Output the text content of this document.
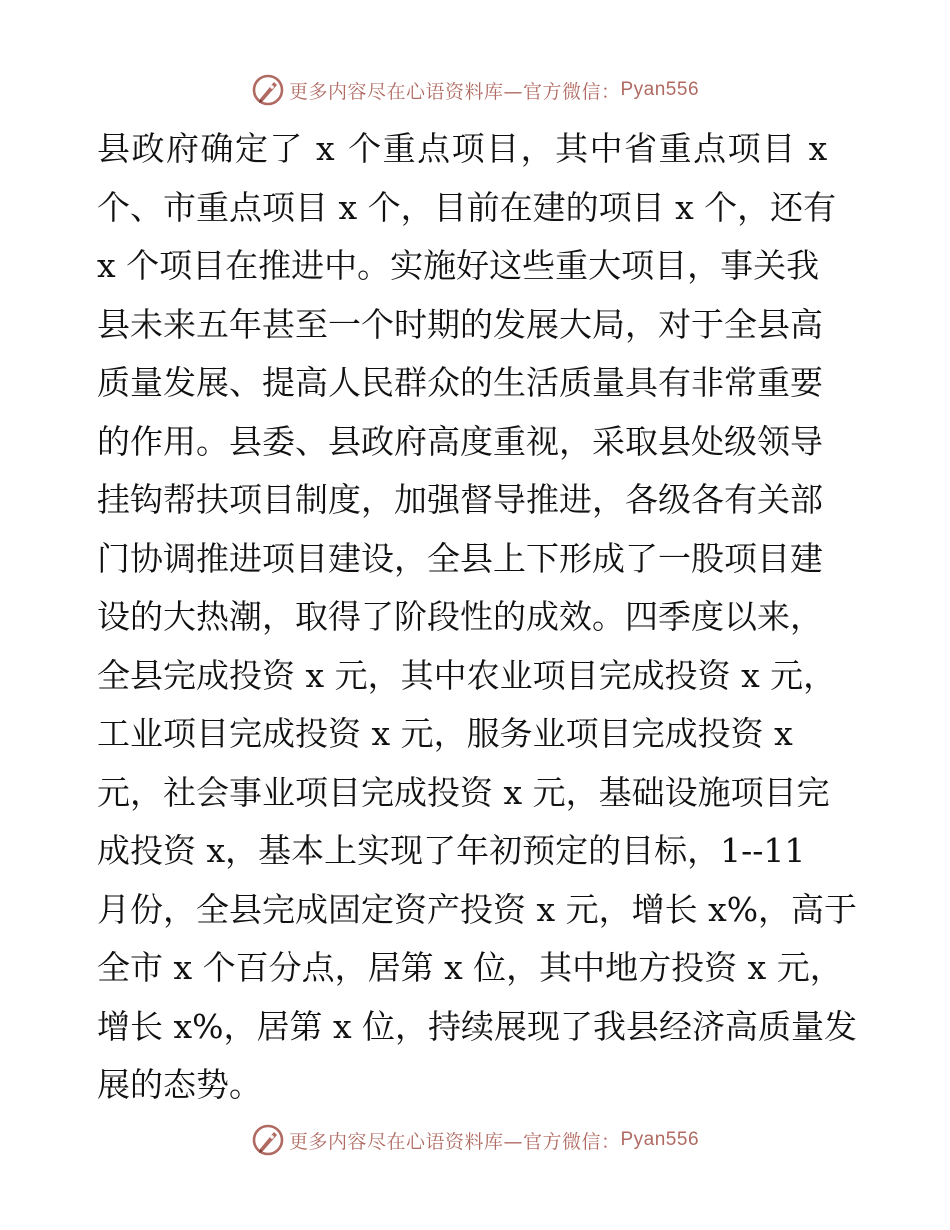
更多内容尽在心语资料库—官方微信： Pyan556
县政府确定了 x 个重点项目，其中省重点项目 x
个、市重点项目 x 个，目前在建的项目 x 个，还有
x 个项目在推进中。实施好这些重大项目，事关我
县未来五年甚至一个时期的发展大局，对于全县高
质量发展、提高人民群众的生活质量具有非常重要
的作用。县委、县政府高度重视，采取县处级领导
挂钩帮扶项目制度，加强督导推进，各级各有关部
门协调推进项目建设，全县上下形成了一股项目建
设的大热潮，取得了阶段性的成效。四季度以来，
全县完成投资 x 元，其中农业项目完成投资 x 元，
工业项目完成投资 x 元，服务业项目完成投资 x
元，社会事业项目完成投资 x 元，基础设施项目完
成投资 x，基本上实现了年初预定的目标，1--11
月份，全县完成固定资产投资 x 元，增长 x%，高于
全市 x 个百分点，居第 x 位，其中地方投资 x 元，
增长 x%，居第 x 位，持续展现了我县经济高质量发
展的态势。
更多内容尽在心语资料库—官方微信： Pyan556
